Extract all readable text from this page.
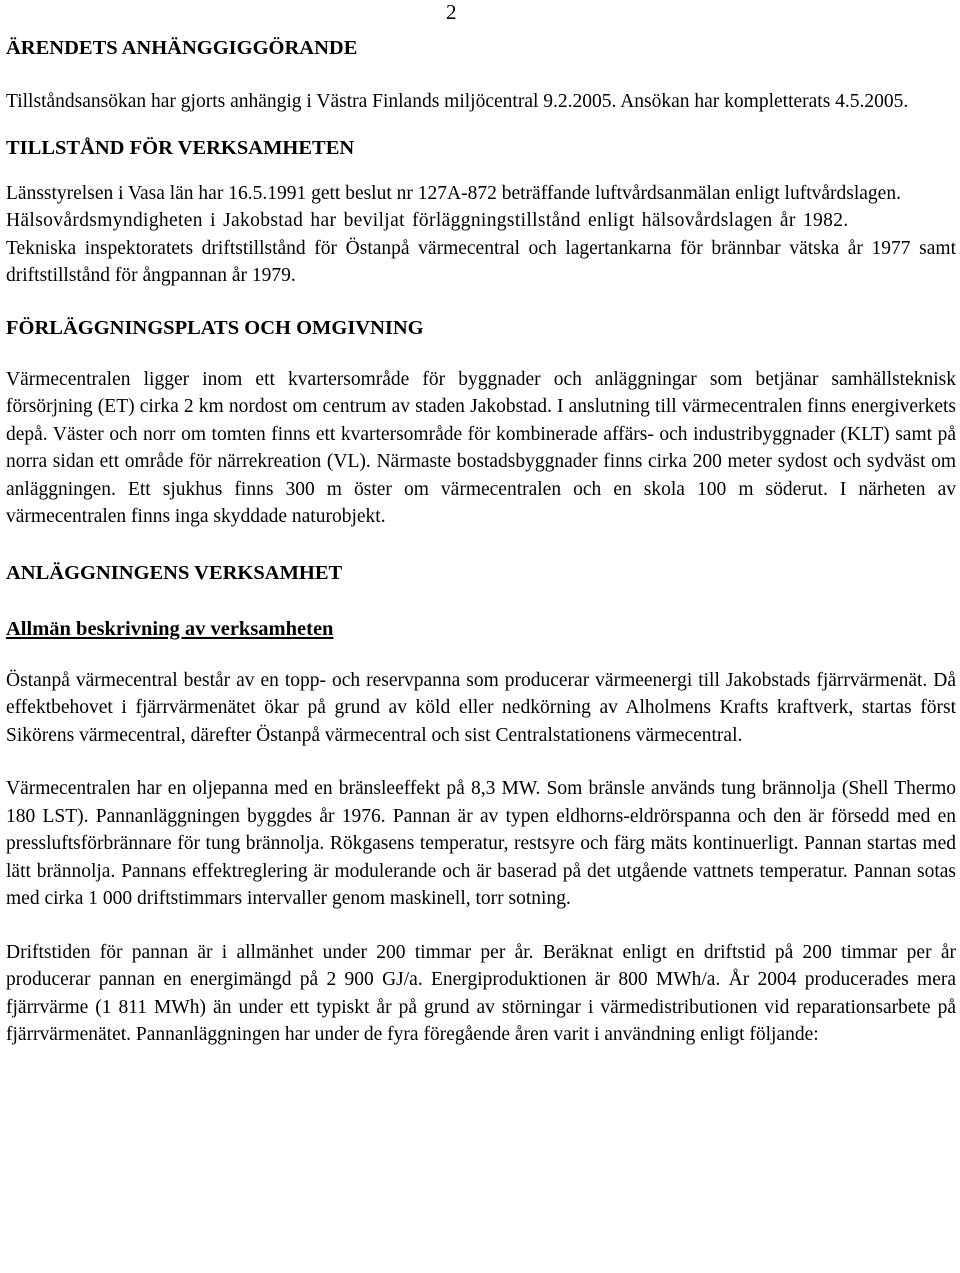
2
ÄRENDETS ANHÄNGGIGGÖRANDE

Tillståndsansökan har gjorts anhängig i Västra Finlands miljöcentral 9.2.2005. Ansökan har kompletterats 4.5.2005.

TILLSTÅND FÖR VERKSAMHETEN

Länsstyrelsen i Vasa län har 16.5.1991 gett beslut nr 127A-872 beträffande luftvårdsanmälan enligt luftvårdslagen.

Hälsovårdsmyndigheten i Jakobstad har beviljat förläggningstillstånd enligt hälsovårdslagen år 1982.

Tekniska inspektoratets driftstillstånd för Östanpå värmecentral och lagertankarna för brännbar vätska år 1977 samt driftstillstånd för ångpannan år 1979.

FÖRLÄGGNINGSPLATS OCH OMGIVNING

Värmecentralen ligger inom ett kvartersområde för byggnader och anläggningar som betjänar samhällsteknisk försörjning (ET) cirka 2 km nordost om centrum av staden Jakobstad. I anslutning till värmecentralen finns energiverkets depå. Väster och norr om tomten finns ett kvartersområde för kombinerade affärs- och industribyggnader (KLT) samt på norra sidan ett område för närrekreation (VL). Närmaste bostadsbyggnader finns cirka 200 meter sydost och sydväst om anläggningen. Ett sjukhus finns 300 m öster om värmecentralen och en skola 100 m söderut. I närheten av värmecentralen finns inga skyddade naturobjekt.

ANLÄGGNINGENS VERKSAMHET
Allmän beskrivning av verksamheten

Östanpå värmecentral består av en topp- och reservpanna som producerar värmeenergi till Jakobstads fjärrvärmenät. Då effektbehovet i fjärrvärmenätet ökar på grund av köld eller nedkörning av Alholmens Krafts kraftverk, startas först Sikörens värmecentral, därefter Östanpå värmecentral och sist Centralstationens värmecentral.

Värmecentralen har en oljepanna med en bränsleeffekt på 8,3 MW. Som bränsle används tung brännolja (Shell Thermo 180 LST). Pannanläggningen byggdes år 1976. Pannan är av typen eldhorns-eldrörspanna och den är försedd med en pressluftsförbrännare för tung brännolja. Rökgasens temperatur, restsyre och färg mäts kontinuerligt. Pannan startas med lätt brännolja. Pannans effektreglering är modulerande och är baserad på det utgående vattnets temperatur. Pannan sotas med cirka 1 000 driftstimmars intervaller genom maskinell, torr sotning.

Driftstiden för pannan är i allmänhet under 200 timmar per år. Beräknat enligt en driftstid på 200 timmar per år producerar pannan en energimängd på 2 900 GJ/a. Energiproduktionen är 800 MWh/a. År 2004 producerades mera fjärrvärme (1 811 MWh) än under ett typiskt år på grund av störningar i värmedistributionen vid reparationsarbete på fjärrvärmenätet. Pannanläggningen har under de fyra föregående åren varit i användning enligt följande:
